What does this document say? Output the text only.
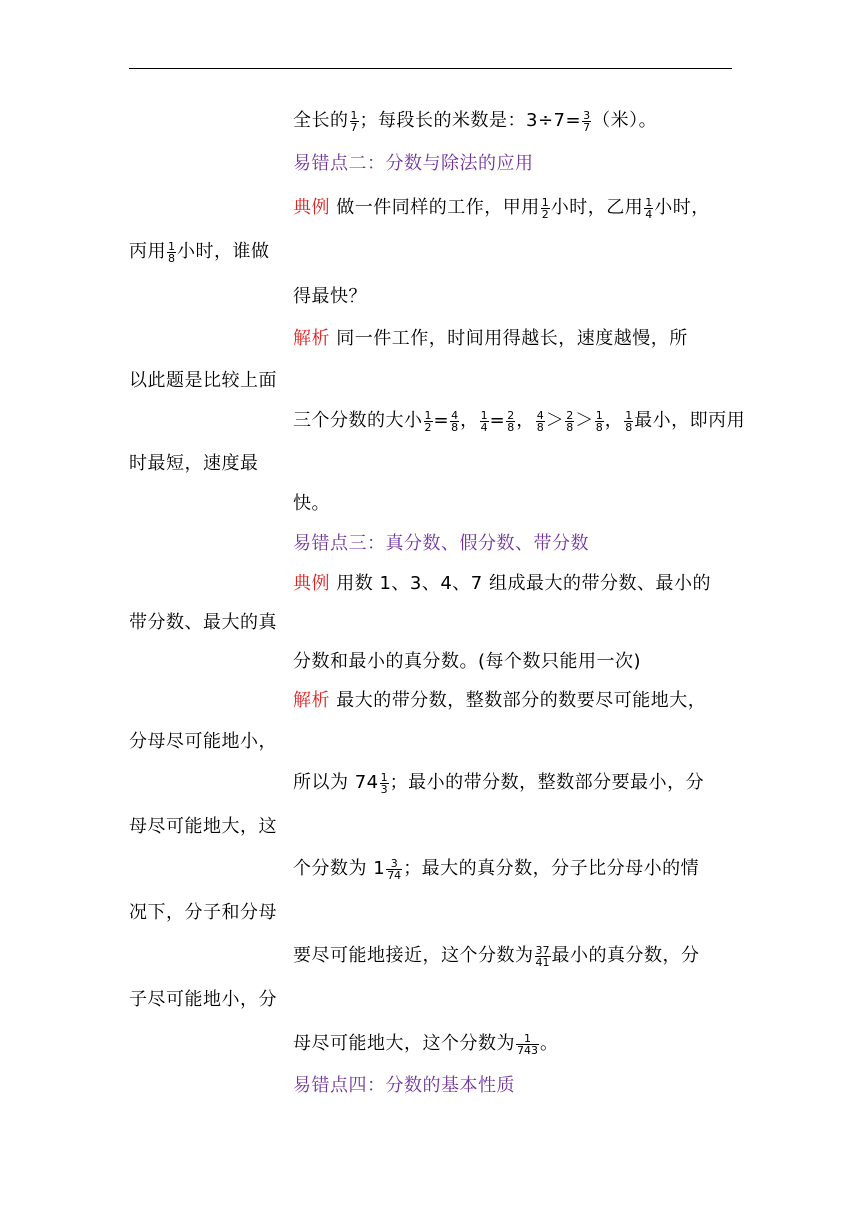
全长的 $\frac{1}{7}$ ；每段长的米数是：$3\div 7= \frac{3}{7}$ （米）。
易错点二：分数与除法的应用
典例 做一件同样的工作，甲用 $\frac{1}{2}$ 小时，乙用 $\frac{1}{4}$ 小时，
丙用 $\frac{1}{8}$ 小时，谁做
得最快？
解析 同一件工作，时间用得越长，速度越慢，所
以此题是比较上面
三个分数的大小 $\frac{1}{2} = \frac{4}{8}$ ， $\frac{1}{4} = \frac{2}{8}$ ， $\frac{4}{8} > \frac{2}{8} > \frac{1}{8}$ ， $\frac{1}{8}$ 最小，即丙用
时最短，速度最
快。
易错点三：真分数、假分数、带分数
典例 用数 1、3、4、7 组成最大的带分数、最小的
带分数、最大的真
分数和最小的真分数。(每个数只能用一次)
解析 最大的带分数，整数部分的数要尽可能地大，
分母尽可能地小，
所以为 $74 \frac{1}{3}$ ；最小的带分数，整数部分要最小，分
母尽可能地大，这
个分数为 $1 \frac{3}{74}$ ；最大的真分数，分子比分母小的情
况下，分子和分母
要尽可能地接近，这个分数为 $\frac{37}{41}$ 最小的真分数，分
子尽可能地小，分
母尽可能地大，这个分数为 $\frac{1}{743}$ 。
易错点四：分数的基本性质
